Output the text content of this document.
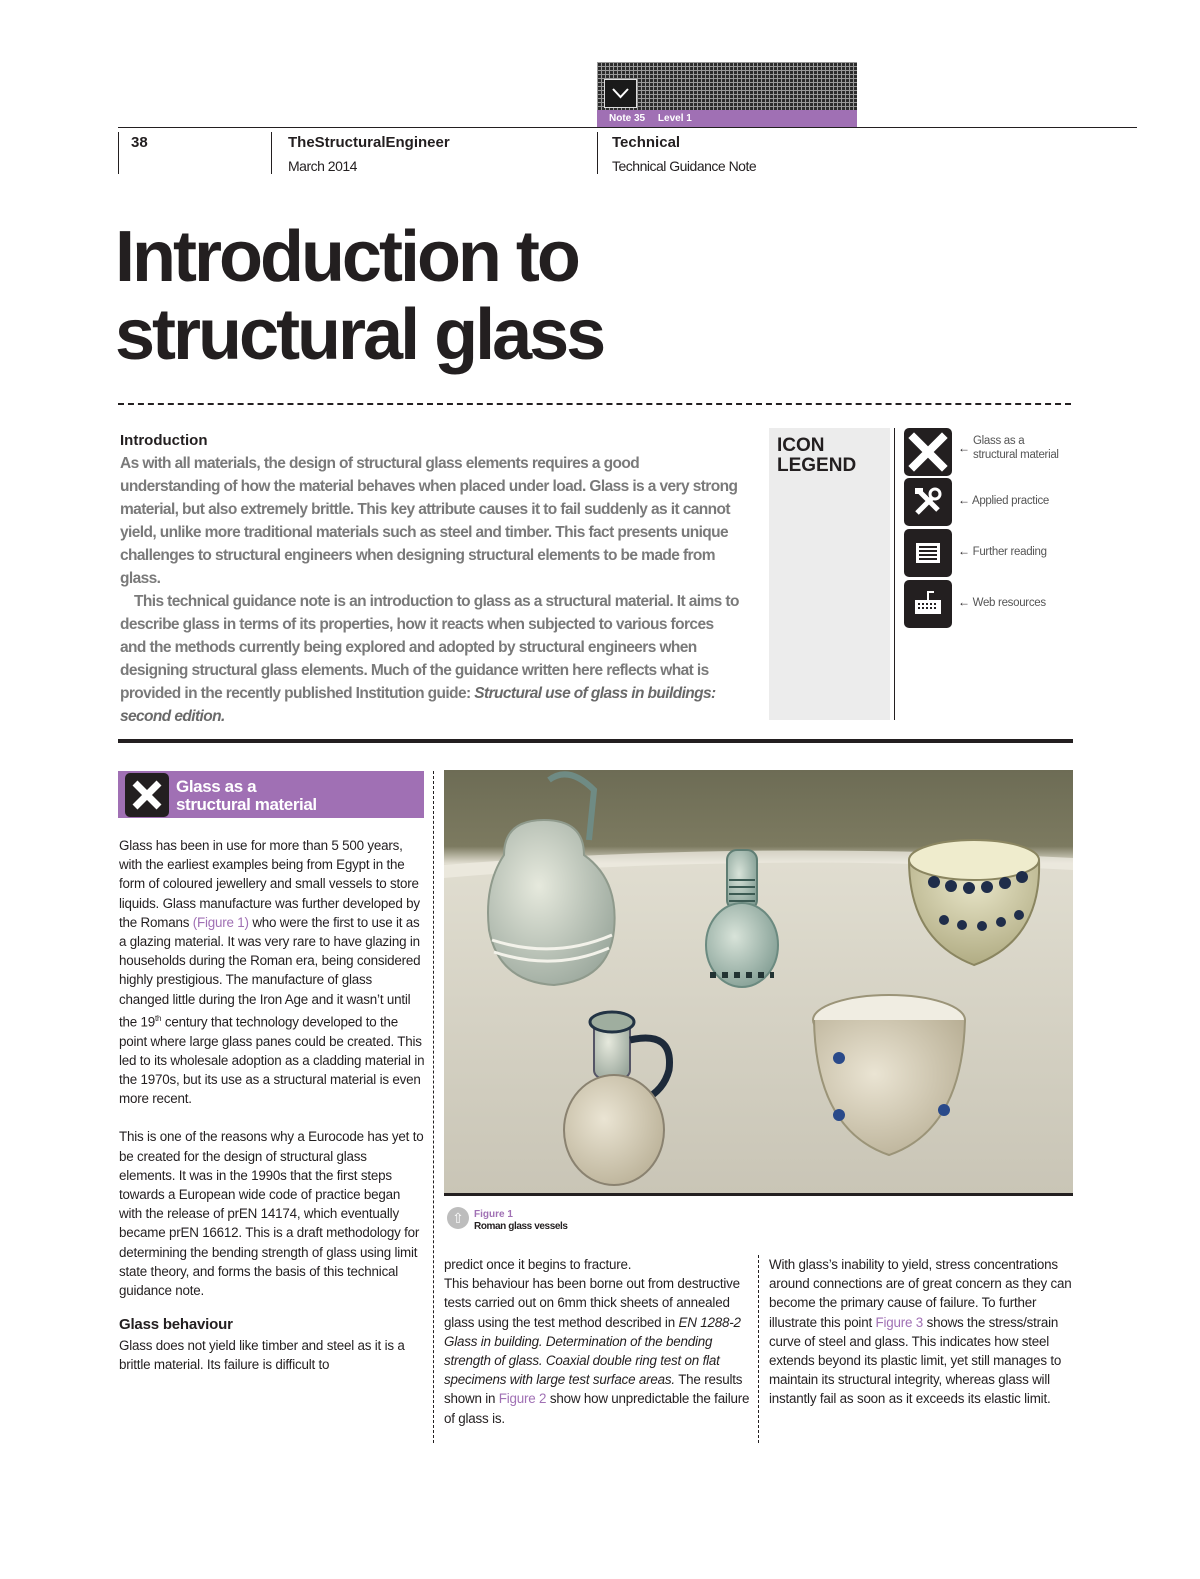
Note 35 Level 1
38	TheStructuralEngineer
March 2014
Technical
Technical Guidance Note
Introduction to
structural glass
Introduction

As with all materials, the design of structural glass elements requires a good understanding of how the material behaves when placed under load. Glass is a very strong material, but also extremely brittle. This key attribute causes it to fail suddenly as it cannot yield, unlike more traditional materials such as steel and timber. This fact presents unique challenges to structural engineers when designing structural elements to be made from glass.

This technical guidance note is an introduction to glass as a structural material. It aims to describe glass in terms of its properties, how it reacts when subjected to various forces and the methods currently being explored and adopted by structural engineers when designing structural glass elements. Much of the guidance written here reflects what is provided in the recently published Institution guide: Structural use of glass in buildings: second edition.

ICON
LEGEND
← Glass as a
structural material
← Applied practice
← Further reading
← Web resources
Glass as a
structural material

Glass has been in use for more than 5 500 years, with the earliest examples being from Egypt in the form of coloured jewellery and small vessels to store liquids. Glass manufacture was further developed by the Romans (Figure 1) who were the first to use it as a glazing material. It was very rare to have glazing in households during the Roman era, being considered highly prestigious. The manufacture of glass changed little during the Iron Age and it wasn’t until the 19th century that technology developed to the point where large glass panes could be created. This led to its wholesale adoption as a cladding material in the 1970s, but its use as a structural material is even more recent.

This is one of the reasons why a Eurocode has yet to be created for the design of structural glass elements. It was in the 1990s that the first steps towards a European wide code of practice began with the release of prEN 14174, which eventually became prEN 16612. This is a draft methodology for determining the bending strength of glass using limit state theory, and forms the basis of this technical guidance note.

Glass behaviour

Glass does not yield like timber and steel as it is a brittle material. Its failure is difficult to

⇧	Figure 1
Roman glass vessels

predict once it begins to fracture.

This behaviour has been borne out from destructive tests carried out on 6mm thick sheets of annealed glass using the test method described in EN 1288-2 Glass in building. Determination of the bending strength of glass. Coaxial double ring test on flat specimens with large test surface areas. The results shown in Figure 2 show how unpredictable the failure of glass is.

With glass’s inability to yield, stress concentrations around connections are of great concern as they can become the primary cause of failure. To further illustrate this point Figure 3 shows the stress/strain curve of steel and glass. This indicates how steel extends beyond its plastic limit, yet still manages to maintain its structural integrity, whereas glass will instantly fail as soon as it exceeds its elastic limit.
